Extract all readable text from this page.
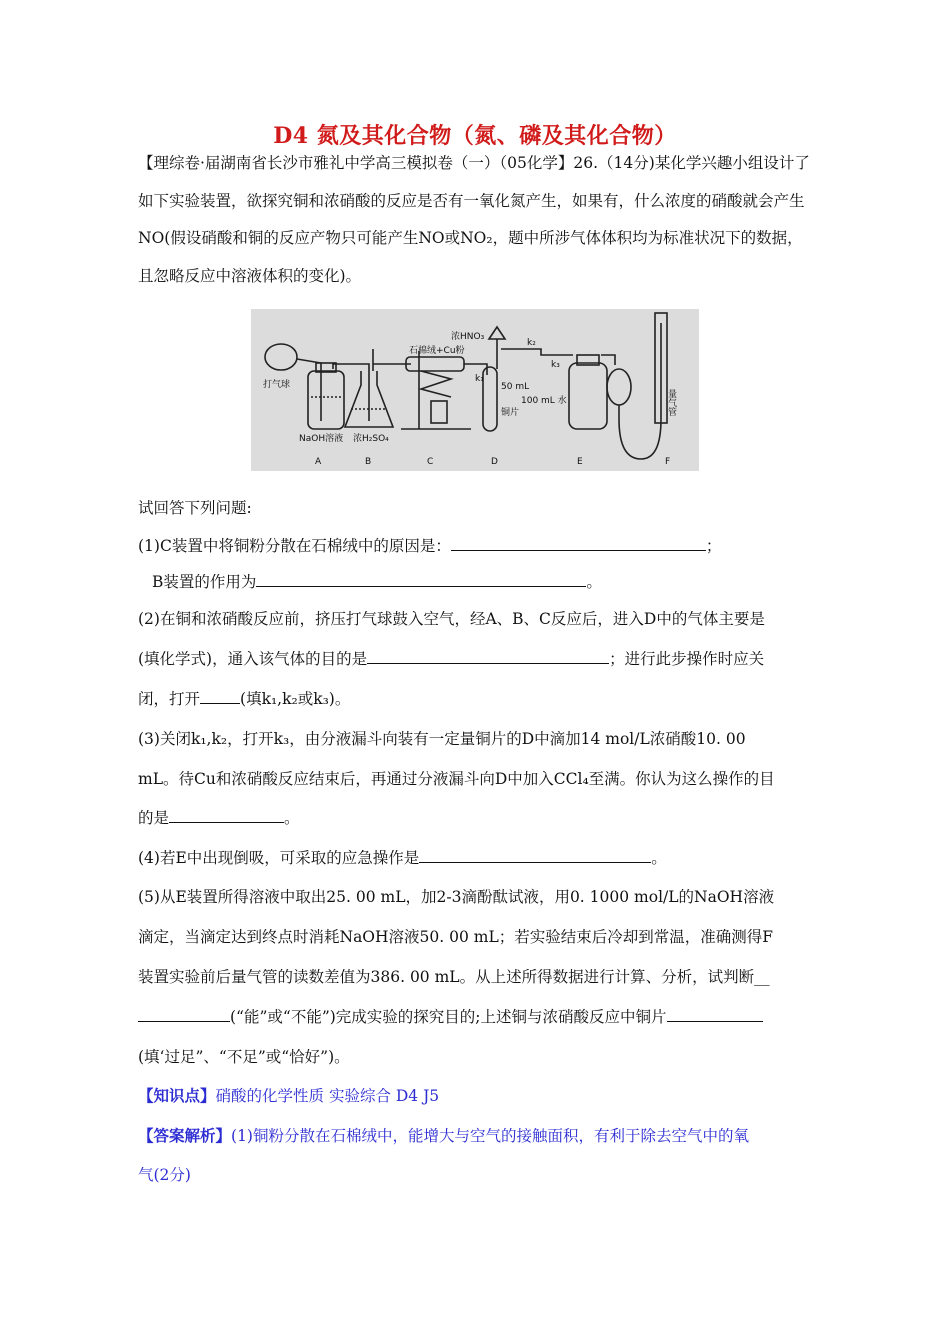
D4 氮及其化合物（氮、磷及其化合物）
【理综卷·届湖南省长沙市雅礼中学高三模拟卷（一）（05化学】26.（14分)某化学兴趣小组设计了如下实验装置，欲探究铜和浓硝酸的反应是否有一氧化氮产生，如果有，什么浓度的硝酸就会产生NO(假设硝酸和铜的反应产物只可能产生NO或NO₂，题中所涉气体体积均为标准状况下的数据，且忽略反应中溶液体积的变化)。
打气球
NaOH溶液 浓H₂SO₄
石棉绒+Cu粉
浓HNO₃
k₁
k₂
k₃
50 mL
铜片
100 mL 水	量气管
A	B	C	D	E	F
试回答下列问题:
(1)C装置中将铜粉分散在石棉绒中的原因是：	；
B装置的作用为	。
(2)在铜和浓硝酸反应前，挤压打气球鼓入空气，经A、B、C反应后，进入D中的气体主要是
(填化学式)，通入该气体的目的是	；进行此步操作时应关
闭，打开	(填k₁,k₂或k₃)。
(3)关闭k₁,k₂，打开k₃，由分液漏斗向装有一定量铜片的D中滴加14 mol/L浓硝酸10. 00
mL。待Cu和浓硝酸反应结束后，再通过分液漏斗向D中加入CCl₄至满。你认为这么操作的目
的是	。
(4)若E中出现倒吸，可采取的应急操作是	。
(5)从E装置所得溶液中取出25. 00 mL，加2-3滴酚酞试液，用0. 1000 mol/L的NaOH溶液
滴定，当滴定达到终点时消耗NaOH溶液50. 00 mL；若实验结束后冷却到常温，准确测得F
装置实验前后量气管的读数差值为386. 00 mL。从上述所得数据进行计算、分析，试判断__
(“能”或“不能”)完成实验的探究目的;上述铜与浓硝酸反应中铜片
(填‘过足”、“不足”或“恰好”)。
【知识点】硝酸的化学性质 实验综合 D4 J5
【答案解析】(1)铜粉分散在石棉绒中，能增大与空气的接触面积，有利于除去空气中的氧
气(2分)
